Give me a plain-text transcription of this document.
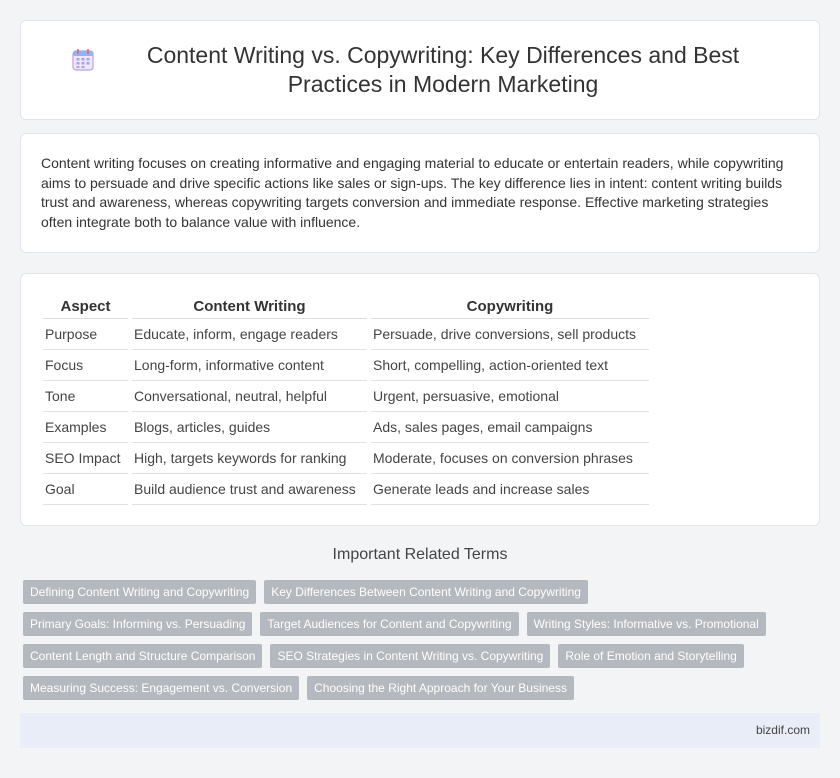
Content Writing vs. Copywriting: Key Differences and Best Practices in Modern Marketing

Content writing focuses on creating informative and engaging material to educate or entertain readers, while copywriting aims to persuade and drive specific actions like sales or sign-ups. The key difference lies in intent: content writing builds trust and awareness, whereas copywriting targets conversion and immediate response. Effective marketing strategies often integrate both to balance value with influence.

Aspect	Content Writing	Copywriting
Purpose	Educate, inform, engage readers	Persuade, drive conversions, sell products
Focus	Long-form, informative content	Short, compelling, action-oriented text
Tone	Conversational, neutral, helpful	Urgent, persuasive, emotional
Examples	Blogs, articles, guides	Ads, sales pages, email campaigns
SEO Impact	High, targets keywords for ranking	Moderate, focuses on conversion phrases
Goal	Build audience trust and awareness	Generate leads and increase sales
Important Related Terms
Defining Content Writing and Copywriting	Key Differences Between Content Writing and Copywriting
Primary Goals: Informing vs. Persuading	Target Audiences for Content and Copywriting	Writing Styles: Informative vs. Promotional
Content Length and Structure Comparison	SEO Strategies in Content Writing vs. Copywriting	Role of Emotion and Storytelling
Measuring Success: Engagement vs. Conversion	Choosing the Right Approach for Your Business
bizdif.com
